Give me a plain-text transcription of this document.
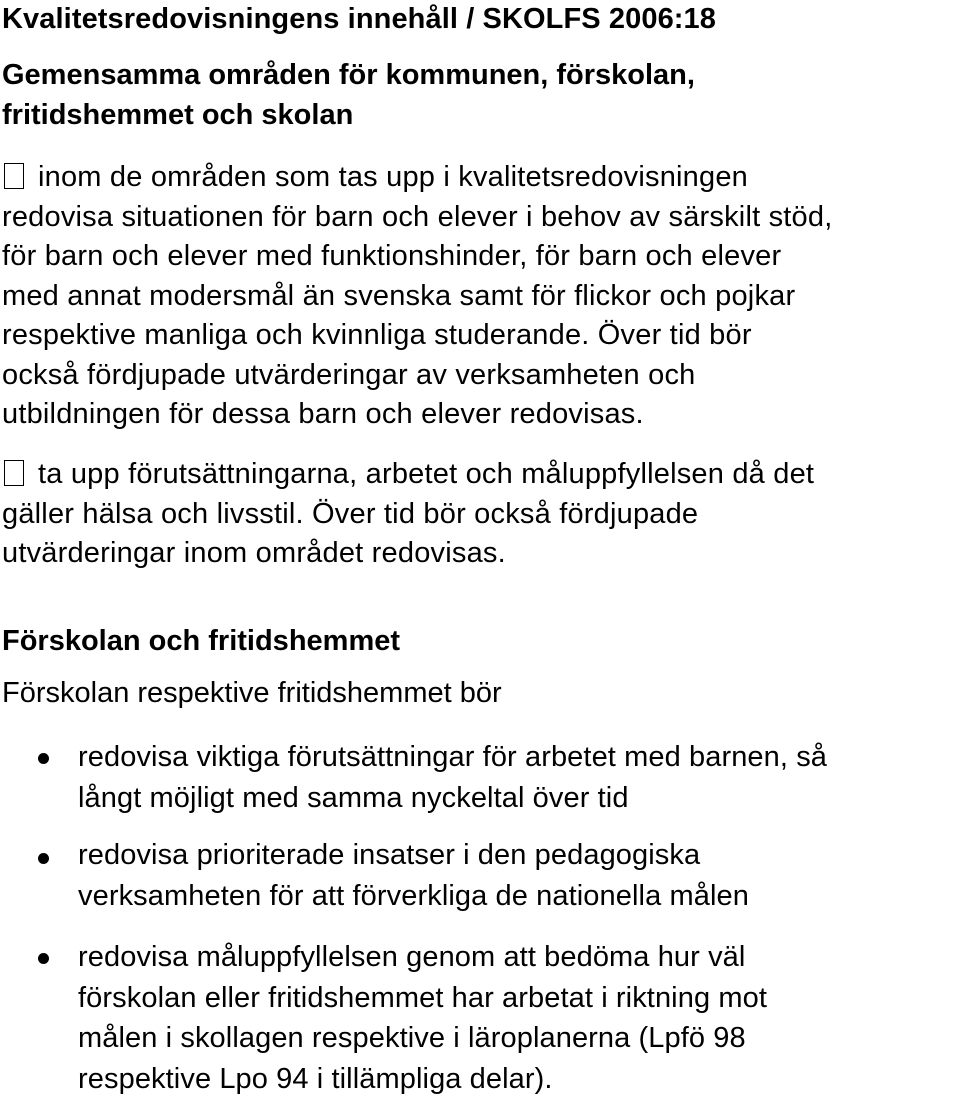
Kvalitetsredovisningens innehåll / SKOLFS 2006:18
Gemensamma områden för kommunen, förskolan,
fritidshemmet och skolan
inom de områden som tas upp i kvalitetsredovisningen
redovisa situationen för barn och elever i behov av särskilt stöd,
för barn och elever med funktionshinder, för barn och elever
med annat modersmål än svenska samt för flickor och pojkar
respektive manliga och kvinnliga studerande. Över tid bör
också fördjupade utvärderingar av verksamheten och
utbildningen för dessa barn och elever redovisas.
ta upp förutsättningarna, arbetet och måluppfyllelsen då det
gäller hälsa och livsstil. Över tid bör också fördjupade
utvärderingar inom området redovisas.
Förskolan och fritidshemmet

Förskolan respektive fritidshemmet bör

redovisa viktiga förutsättningar för arbetet med barnen, så
långt möjligt med samma nyckeltal över tid

redovisa prioriterade insatser i den pedagogiska
verksamheten för att förverkliga de nationella målen

redovisa måluppfyllelsen genom att bedöma hur väl
förskolan eller fritidshemmet har arbetat i riktning mot
målen i skollagen respektive i läroplanerna (Lpfö 98
respektive Lpo 94 i tillämpliga delar).
